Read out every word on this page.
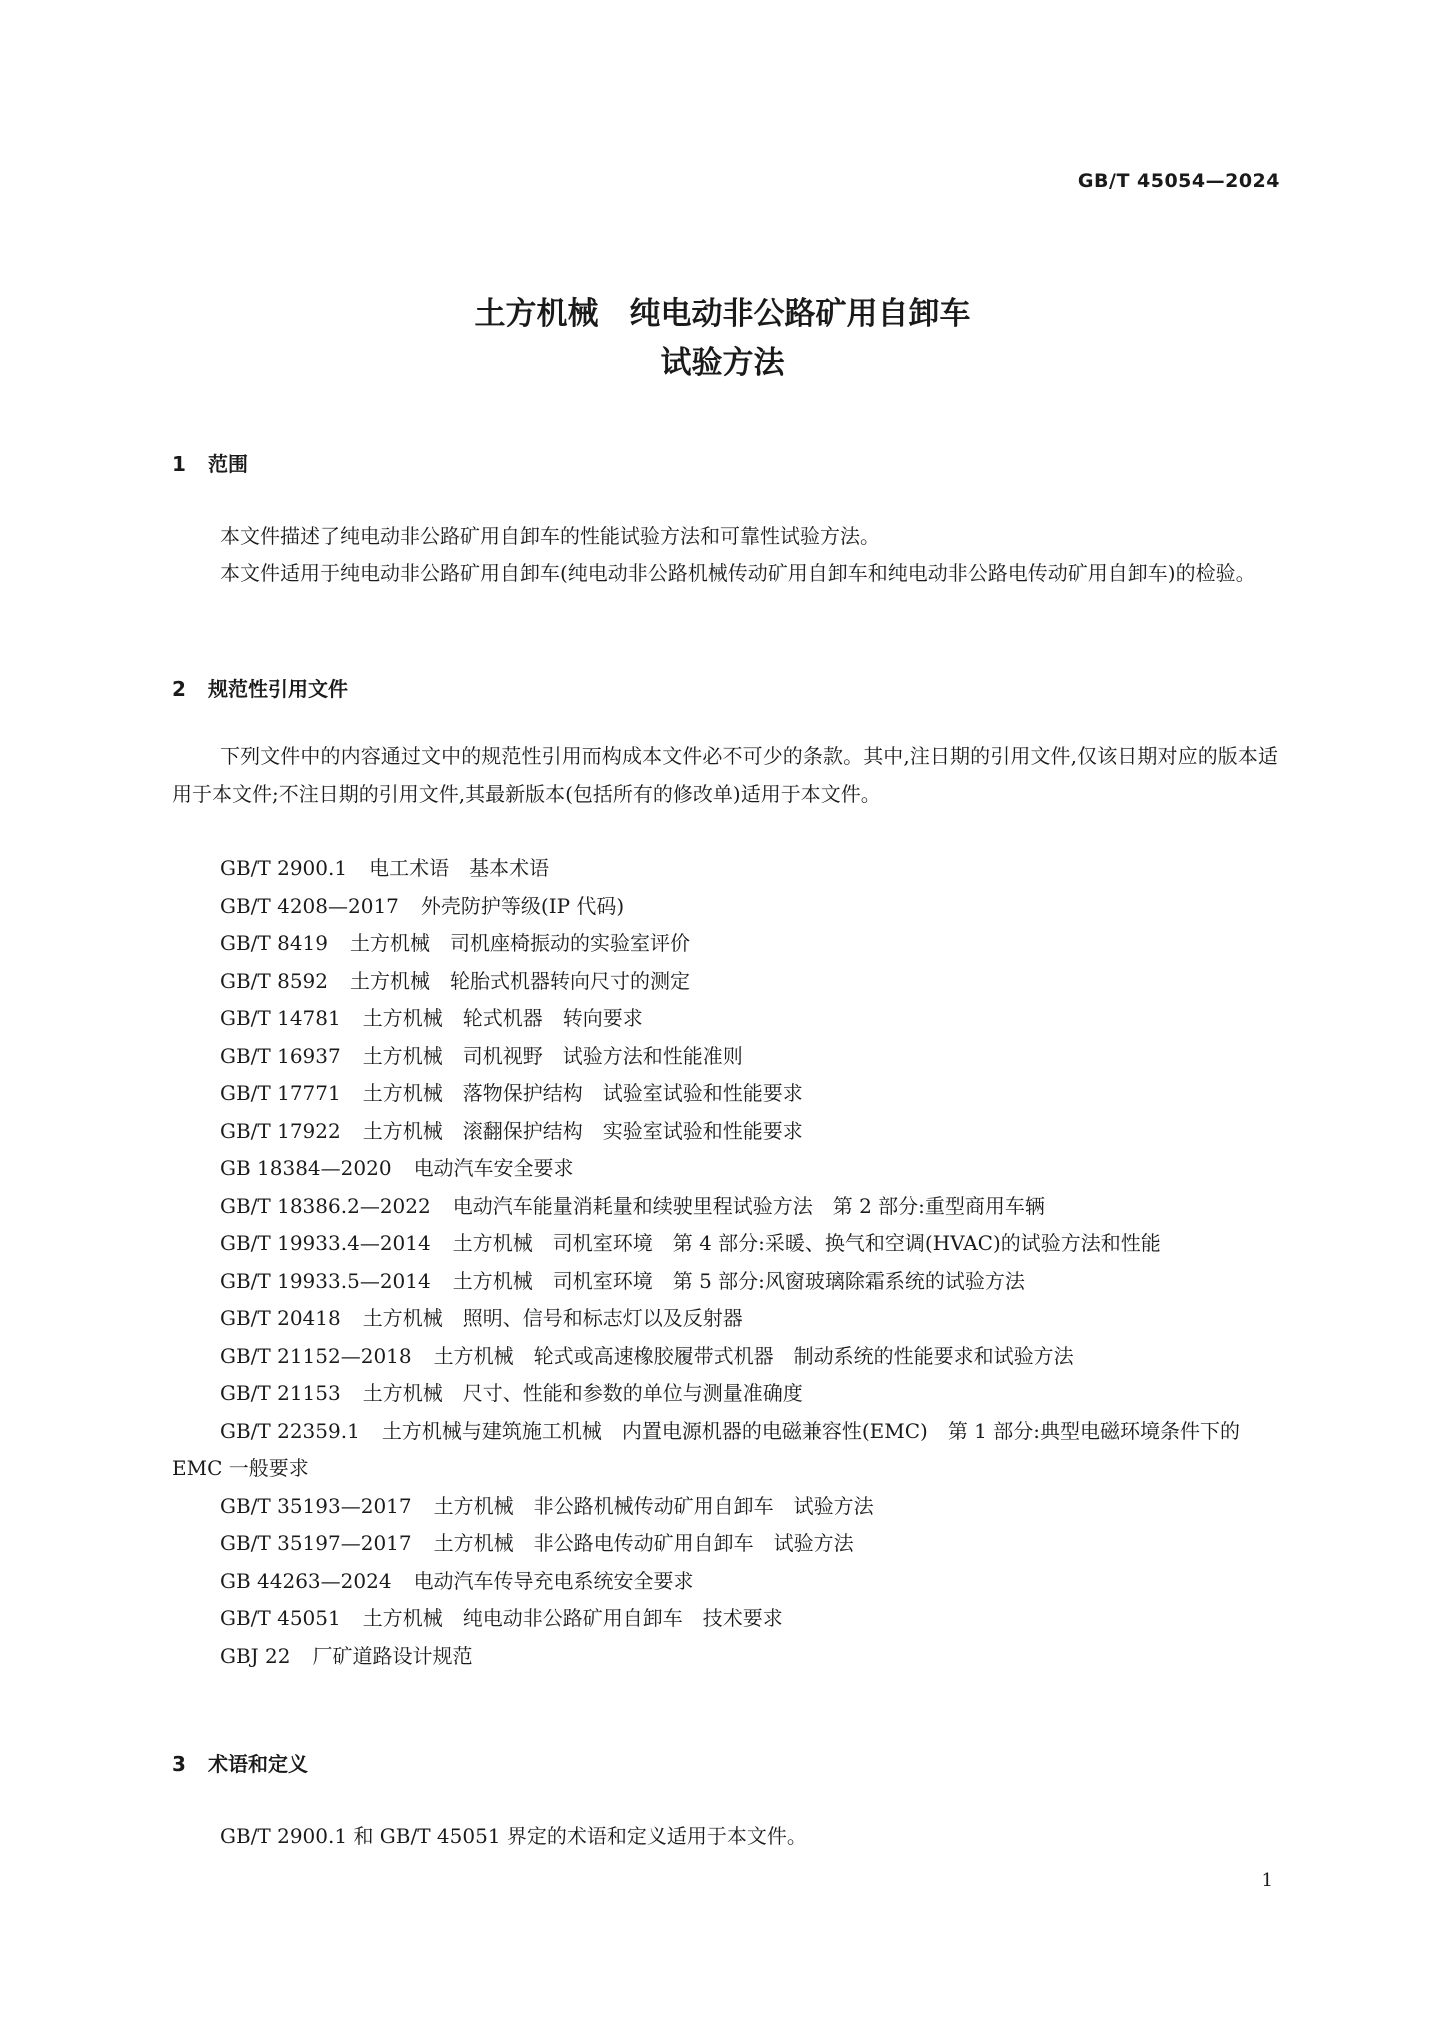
GB/T 45054—2024
土方机械　纯电动非公路矿用自卸车
试验方法
1 范围
本文件描述了纯电动非公路矿用自卸车的性能试验方法和可靠性试验方法。
本文件适用于纯电动非公路矿用自卸车(纯电动非公路机械传动矿用自卸车和纯电动非公路电传动矿用自卸车)的检验。
2 规范性引用文件
下列文件中的内容通过文中的规范性引用而构成本文件必不可少的条款。其中,注日期的引用文件,仅该日期对应的版本适用于本文件;不注日期的引用文件,其最新版本(包括所有的修改单)适用于本文件。
GB/T 2900.1 电工术语　基本术语
GB/T 4208—2017 外壳防护等级(IP 代码)
GB/T 8419 土方机械　司机座椅振动的实验室评价
GB/T 8592 土方机械　轮胎式机器转向尺寸的测定
GB/T 14781 土方机械　轮式机器　转向要求
GB/T 16937 土方机械　司机视野　试验方法和性能准则
GB/T 17771 土方机械　落物保护结构　试验室试验和性能要求
GB/T 17922 土方机械　滚翻保护结构　实验室试验和性能要求
GB 18384—2020 电动汽车安全要求
GB/T 18386.2—2022 电动汽车能量消耗量和续驶里程试验方法　第 2 部分:重型商用车辆
GB/T 19933.4—2014 土方机械　司机室环境　第 4 部分:采暖、换气和空调(HVAC)的试验方法和性能
GB/T 19933.5—2014 土方机械　司机室环境　第 5 部分:风窗玻璃除霜系统的试验方法
GB/T 20418 土方机械　照明、信号和标志灯以及反射器
GB/T 21152—2018 土方机械　轮式或高速橡胶履带式机器　制动系统的性能要求和试验方法
GB/T 21153 土方机械　尺寸、性能和参数的单位与测量准确度
GB/T 22359.1 土方机械与建筑施工机械　内置电源机器的电磁兼容性(EMC)　第 1 部分:典型电磁环境条件下的 EMC 一般要求
GB/T 35193—2017 土方机械　非公路机械传动矿用自卸车　试验方法
GB/T 35197—2017 土方机械　非公路电传动矿用自卸车　试验方法
GB 44263—2024 电动汽车传导充电系统安全要求
GB/T 45051 土方机械　纯电动非公路矿用自卸车　技术要求
GBJ 22 厂矿道路设计规范
3 术语和定义
GB/T 2900.1 和 GB/T 45051 界定的术语和定义适用于本文件。
1
